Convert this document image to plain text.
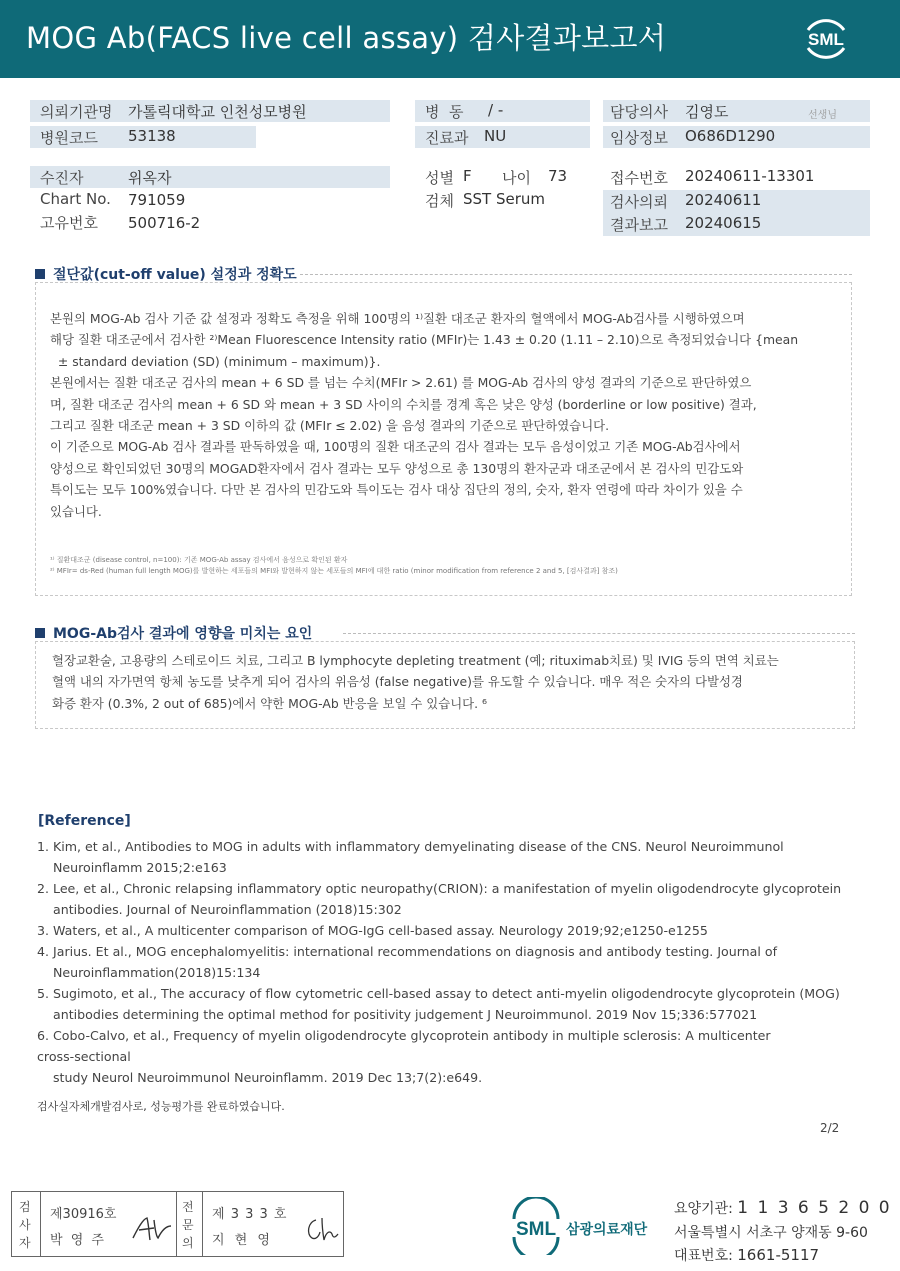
MOG Ab(FACS live cell assay) 검사결과보고서	SML
의뢰기관명 가톨릭대학교 인천성모병원
병원코드 53138
병  동 / -
진료과 NU
담당의사 김영도	선생님
임상정보 O686D1290
수진자	위옥자
Chart No. 791059
고유번호 500716-2
성별 F 나이 73
검체 SST Serum
접수번호 20240611-13301
검사의뢰 20240611
결과보고 20240615
절단값(cut-off value) 설정과 정확도

본원의 MOG-Ab 검사 기준 값 설정과 정확도 측정을 위해 100명의 ¹⁾질환 대조군 환자의 혈액에서 MOG-Ab검사를 시행하였으며

해당 질환 대조군에서 검사한 ²⁾Mean Fluorescence Intensity ratio (MFIr)는 1.43 ± 0.20 (1.11 – 2.10)으로 측정되었습니다 {mean

± standard deviation (SD) (minimum – maximum)}.

본원에서는 질환 대조군 검사의 mean + 6 SD 를 넘는 수치(MFIr > 2.61) 를 MOG-Ab 검사의 양성 결과의 기준으로 판단하였으

며, 질환 대조군 검사의 mean + 6 SD 와 mean + 3 SD 사이의 수치를 경계 혹은 낮은 양성 (borderline or low positive) 결과,

그리고 질환 대조군 mean + 3 SD 이하의 값 (MFIr ≤ 2.02) 을 음성 결과의 기준으로 판단하였습니다.

이 기준으로 MOG-Ab 검사 결과를 판독하였을 때, 100명의 질환 대조군의 검사 결과는 모두 음성이었고 기존 MOG-Ab검사에서

양성으로 확인되었던 30명의 MOGAD환자에서 검사 결과는 모두 양성으로 총 130명의 환자군과 대조군에서 본 검사의 민감도와

특이도는 모두 100%였습니다. 다만 본 검사의 민감도와 특이도는 검사 대상 집단의 정의, 숫자, 환자 연령에 따라 차이가 있을 수

있습니다.

¹⁾ 질환대조군 (disease control, n=100): 기존 MOG-Ab assay 검사에서 음성으로 확인된 환자

²⁾ MFIr= ds-Red (human full length MOG)를 발현하는 세포들의 MFI와 발현하지 않는 세포들의 MFI에 대한 ratio (minor modification from reference 2 and 5, [검사결과] 참조)

MOG-Ab검사 결과에 영향을 미치는 요인

혈장교환술, 고용량의 스테로이드 치료, 그리고 B lymphocyte depleting treatment (예; rituximab치료) 및 IVIG 등의 면역 치료는

혈액 내의 자가면역 항체 농도를 낮추게 되어 검사의 위음성 (false negative)를 유도할 수 있습니다. 매우 적은 숫자의 다발성경

화증 환자 (0.3%, 2 out of 685)에서 약한 MOG-Ab 반응을 보일 수 있습니다. ⁶

[Reference]

1. Kim, et al., Antibodies to MOG in adults with inflammatory demyelinating disease of the CNS. Neurol Neuroimmunol

Neuroinflamm 2015;2:e163

2. Lee, et al., Chronic relapsing inflammatory optic neuropathy(CRION): a manifestation of myelin oligodendrocyte glycoprotein

antibodies. Journal of Neuroinflammation (2018)15:302

3. Waters, et al., A multicenter comparison of MOG-IgG cell-based assay. Neurology 2019;92;e1250-e1255

4. Jarius. Et al., MOG encephalomyelitis: international recommendations on diagnosis and antibody testing. Journal of

Neuroinflammation(2018)15:134

5. Sugimoto, et al., The accuracy of flow cytometric cell-based assay to detect anti-myelin oligodendrocyte glycoprotein (MOG)

antibodies determining the optimal method for positivity judgement J Neuroimmunol. 2019 Nov 15;336:577021

6. Cobo-Calvo, et al., Frequency of myelin oligodendrocyte glycoprotein antibody in multiple sclerosis: A multicenter

cross-sectional

study Neurol Neuroimmunol Neuroinflamm. 2019 Dec 13;7(2):e649.

검사실자체개발검사로, 성능평가를 완료하였습니다.
2/2
검
사
자
제30916호
박 영 주
전
문
의
제 3 3 3 호
지 현 영
SML 삼광의료재단
요양기관: 1 1 3 6 5 2 0 0
서울특별시 서초구 양재동 9-60
대표번호: 1661-5117
